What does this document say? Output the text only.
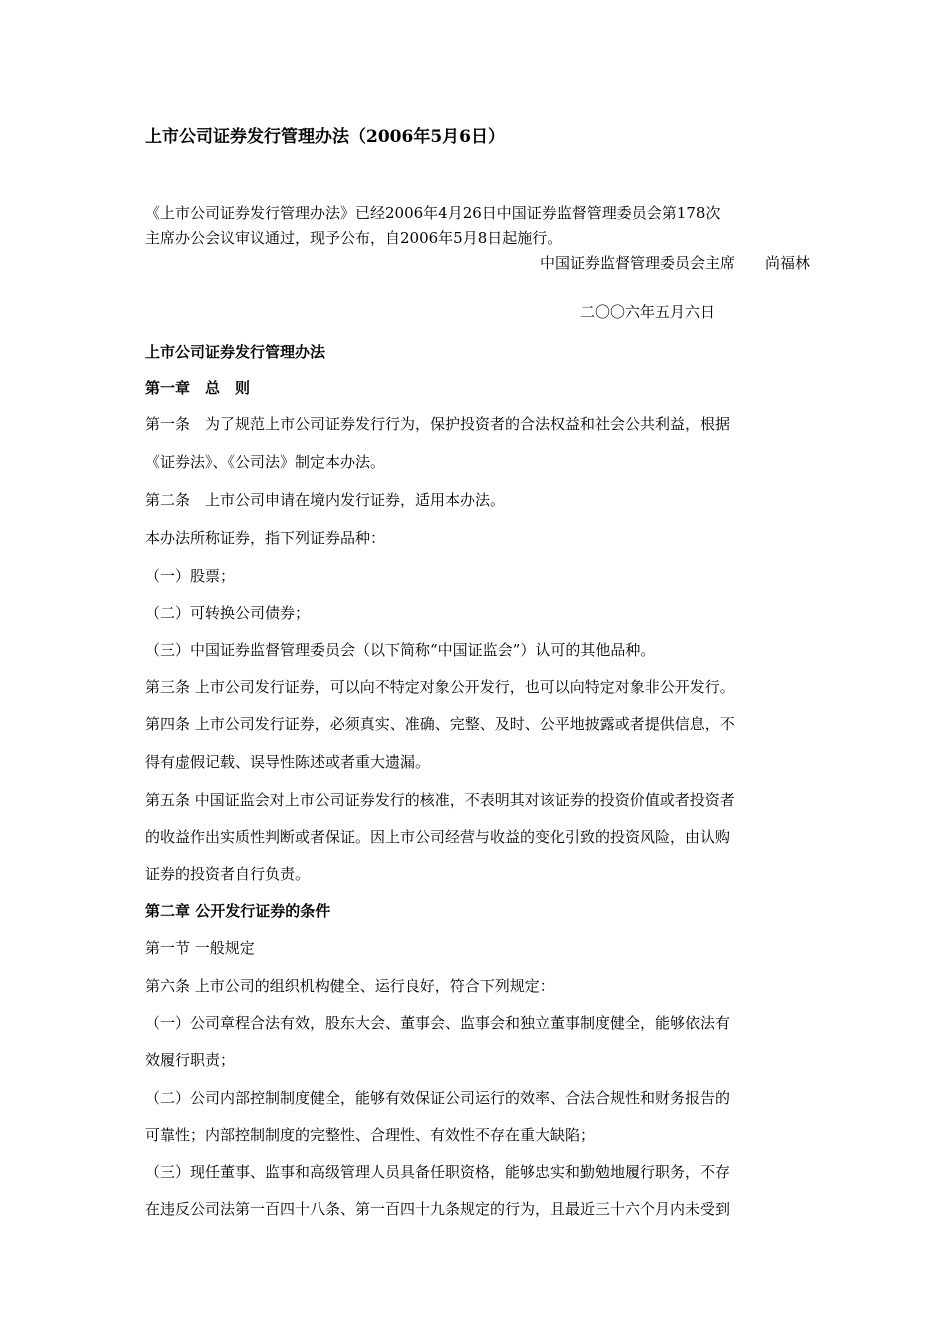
上市公司证券发行管理办法（2006年5月6日）
《上市公司证券发行管理办法》已经2006年4月26日中国证券监督管理委员会第178次
主席办公会议审议通过，现予公布，自2006年5月8日起施行。
中国证券监督管理委员会主席　　尚福林
二〇〇六年五月六日
上市公司证券发行管理办法
第一章　总　则
第一条　为了规范上市公司证券发行行为，保护投资者的合法权益和社会公共利益，根据
《证券法》、《公司法》制定本办法。
第二条　上市公司申请在境内发行证券，适用本办法。
本办法所称证券，指下列证券品种：
（一）股票；
（二）可转换公司债券；
（三）中国证券监督管理委员会（以下简称“中国证监会”）认可的其他品种。
第三条 上市公司发行证券，可以向不特定对象公开发行，也可以向特定对象非公开发行。
第四条 上市公司发行证券，必须真实、准确、完整、及时、公平地披露或者提供信息，不
得有虚假记载、误导性陈述或者重大遗漏。
第五条 中国证监会对上市公司证券发行的核准，不表明其对该证券的投资价值或者投资者
的收益作出实质性判断或者保证。因上市公司经营与收益的变化引致的投资风险，由认购
证券的投资者自行负责。
第二章 公开发行证券的条件
第一节 一般规定
第六条 上市公司的组织机构健全、运行良好，符合下列规定：
（一）公司章程合法有效，股东大会、董事会、监事会和独立董事制度健全，能够依法有
效履行职责；
（二）公司内部控制制度健全，能够有效保证公司运行的效率、合法合规性和财务报告的
可靠性；内部控制制度的完整性、合理性、有效性不存在重大缺陷；
（三）现任董事、监事和高级管理人员具备任职资格，能够忠实和勤勉地履行职务，不存
在违反公司法第一百四十八条、第一百四十九条规定的行为，且最近三十六个月内未受到
